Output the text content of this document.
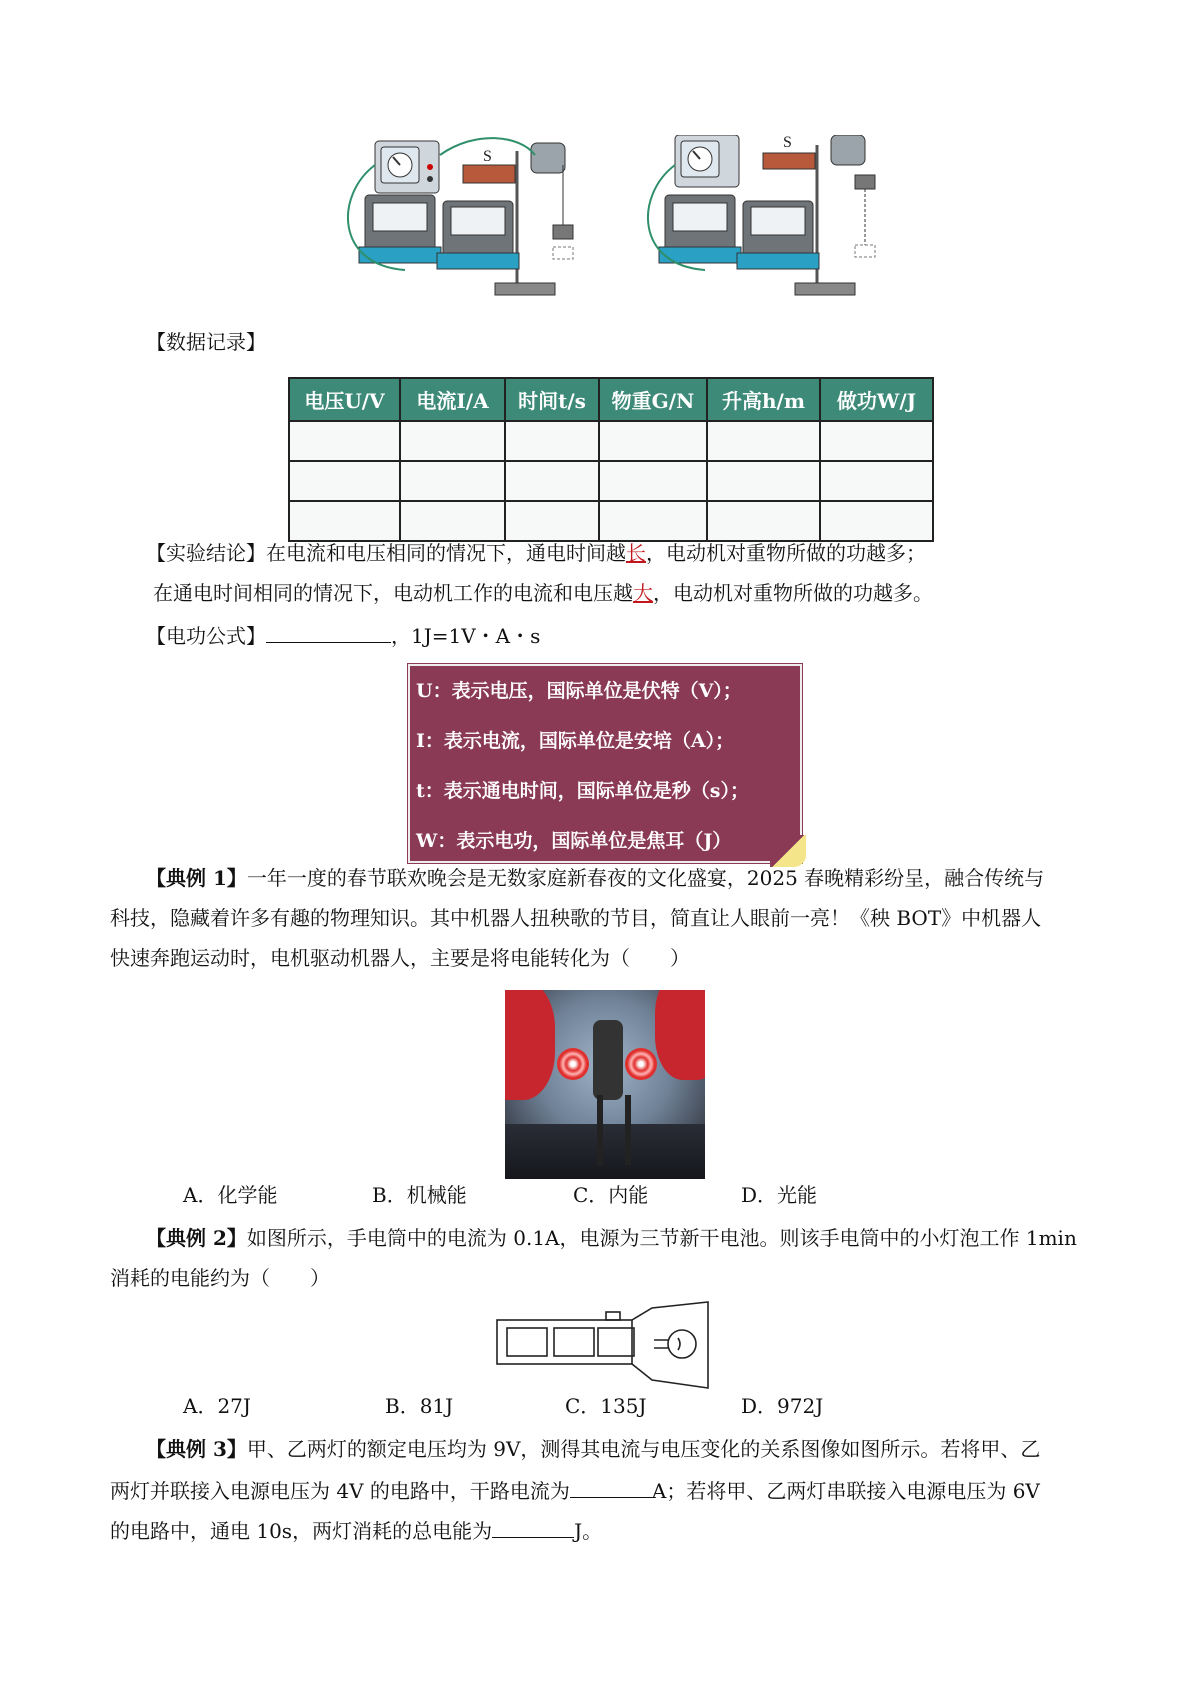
S
S
【数据记录】
电压U/V	电流I/A	时间t/s	物重G/N	升高h/m	做功W/J

【实验结论】在电流和电压相同的情况下，通电时间越长，电动机对重物所做的功越多；
在通电时间相同的情况下，电动机工作的电流和电压越大，电动机对重物所做的功越多。
【电功公式】	，1J=1V・A・s
U：表示电压，国际单位是伏特（V）；
I：表示电流，国际单位是安培（A）；
t：表示通电时间，国际单位是秒（s）；
W：表示电功，国际单位是焦耳（J）
【典例 1】一年一度的春节联欢晚会是无数家庭新春夜的文化盛宴，2025 春晚精彩纷呈，融合传统与
科技，隐藏着许多有趣的物理知识。其中机器人扭秧歌的节目，简直让人眼前一亮！《秧 BOT》中机器人
快速奔跑运动时，电机驱动机器人，主要是将电能转化为（　　）
A．化学能	B．机械能	C．内能	D．光能
【典例 2】如图所示，手电筒中的电流为 0.1A，电源为三节新干电池。则该手电筒中的小灯泡工作 1min
消耗的电能约为（　　）
A．27J	B．81J	C．135J	D．972J
【典例 3】甲、乙两灯的额定电压均为 9V，测得其电流与电压变化的关系图像如图所示。若将甲、乙
两灯并联接入电源电压为 4V 的电路中，干路电流为	A；若将甲、乙两灯串联接入电源电压为 6V
的电路中，通电 10s，两灯消耗的总电能为	J。
